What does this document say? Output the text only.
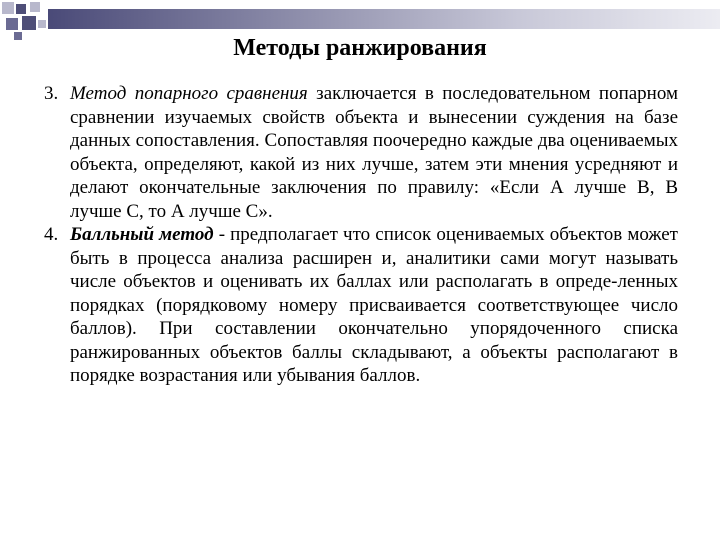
Методы ранжирования

3. Метод попарного сравнения заключается в последовательном попарном сравнении изучаемых свойств объекта и вынесении суждения на базе данных сопоставления. Сопоставляя поочередно каждые два оцениваемых объекта, определяют, какой из них лучше, затем эти мнения усредняют и делают окончательные заключения по правилу: «Если А лучше В, В лучше С, то А лучше С».

4. Балльный метод - предполагает что список оцениваемых объектов может быть в процесса анализа расширен и, аналитики сами могут называть числе объектов и оценивать их баллах или располагать в опреде-ленных порядках (порядковому номеру присваивается соответствующее число баллов). При составлении окончательно упорядоченного списка ранжированных объектов баллы складывают, а объекты располагают в порядке возрастания или убывания баллов.
